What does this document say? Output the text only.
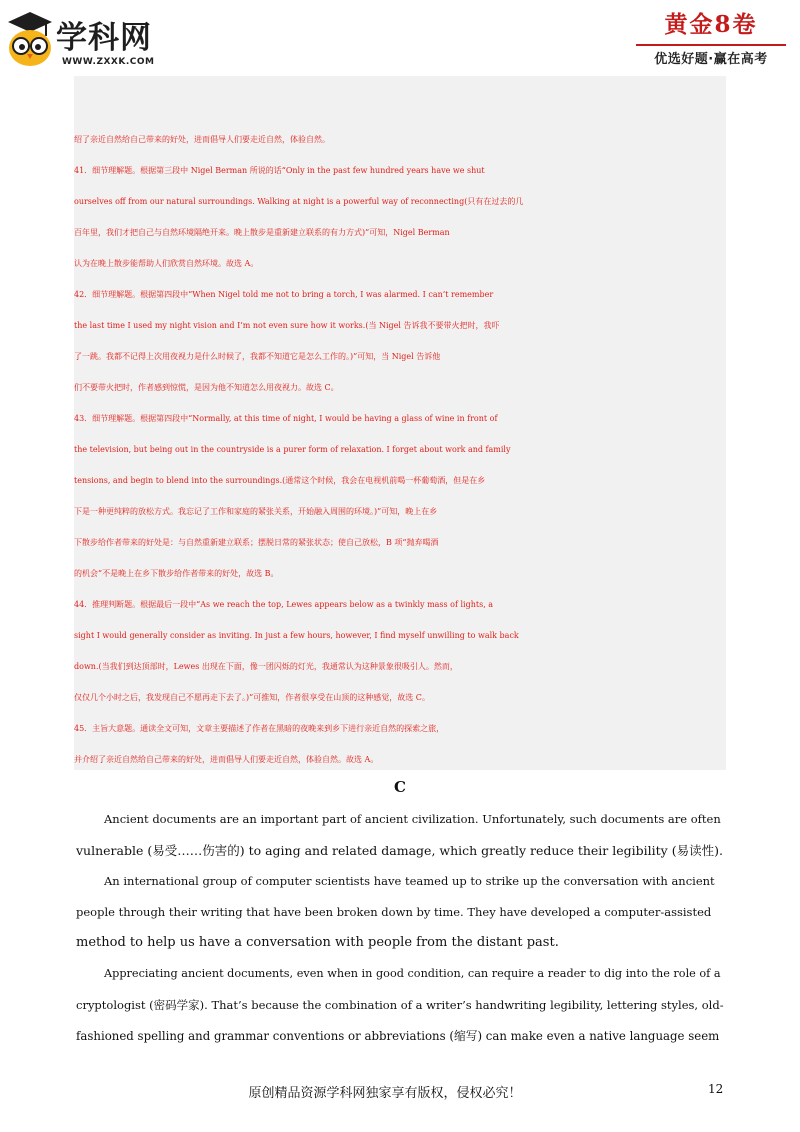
学科网
WWW.ZXXK.COM
黄金8卷
优选好题·赢在高考
绍了亲近自然给自己带来的好处，进而倡导人们要走近自然，体验自然。
41．细节理解题。根据第三段中 Nigel Berman 所说的话“Only in the past few hundred years have we shut
ourselves off from our natural surroundings. Walking at night is a powerful way of reconnecting(只有在过去的几
百年里，我们才把自己与自然环境隔绝开来。晚上散步是重新建立联系的有力方式)”可知，Nigel Berman
认为在晚上散步能帮助人们欣赏自然环境。故选 A。
42．细节理解题。根据第四段中“When Nigel told me not to bring a torch, I was alarmed. I can’t remember
the last time I used my night vision and I’m not even sure how it works.(当 Nigel 告诉我不要带火把时，我吓
了一跳。我都不记得上次用夜视力是什么时候了，我都不知道它是怎么工作的。)”可知，当 Nigel 告诉他
们不要带火把时，作者感到惊慌，是因为他不知道怎么用夜视力。故选 C。
43．细节理解题。根据第四段中“Normally, at this time of night, I would be having a glass of wine in front of
the television, but being out in the countryside is a purer form of relaxation. I forget about work and family
tensions, and begin to blend into the surroundings.(通常这个时候，我会在电视机前喝一杯葡萄酒，但是在乡
下是一种更纯粹的放松方式。我忘记了工作和家庭的紧张关系，开始融入周围的环境。)”可知，晚上在乡
下散步给作者带来的好处是：与自然重新建立联系；摆脱日常的紧张状态；使自己放松，B 项“抛弃喝酒
的机会”不是晚上在乡下散步给作者带来的好处，故选 B。
44．推理判断题。根据最后一段中“As we reach the top, Lewes appears below as a twinkly mass of lights, a
sight I would generally consider as inviting. In just a few hours, however, I find myself unwilling to walk back
down.(当我们到达顶部时，Lewes 出现在下面，像一团闪烁的灯光，我通常认为这种景象很吸引人。然而，
仅仅几个小时之后，我发现自己不愿再走下去了。)”可推知，作者很享受在山顶的这种感觉，故选 C。
45．主旨大意题。通读全文可知，文章主要描述了作者在黑暗的夜晚来到乡下进行亲近自然的探索之旅，
并介绍了亲近自然给自己带来的好处，进而倡导人们要走近自然，体验自然。故选 A。
C
Ancient documents are an important part of ancient civilization. Unfortunately, such documents are often
vulnerable (易受……伤害的) to aging and related damage, which greatly reduce their legibility (易读性).
An international group of computer scientists have teamed up to strike up the conversation with ancient
people through their writing that have been broken down by time. They have developed a computer-assisted
method to help us have a conversation with people from the distant past.
Appreciating ancient documents, even when in good condition, can require a reader to dig into the role of a
cryptologist (密码学家). That’s because the combination of a writer’s handwriting legibility, lettering styles, old-
fashioned spelling and grammar conventions or abbreviations (缩写) can make even a native language seem
原创精品资源学科网独家享有版权，侵权必究！	12
